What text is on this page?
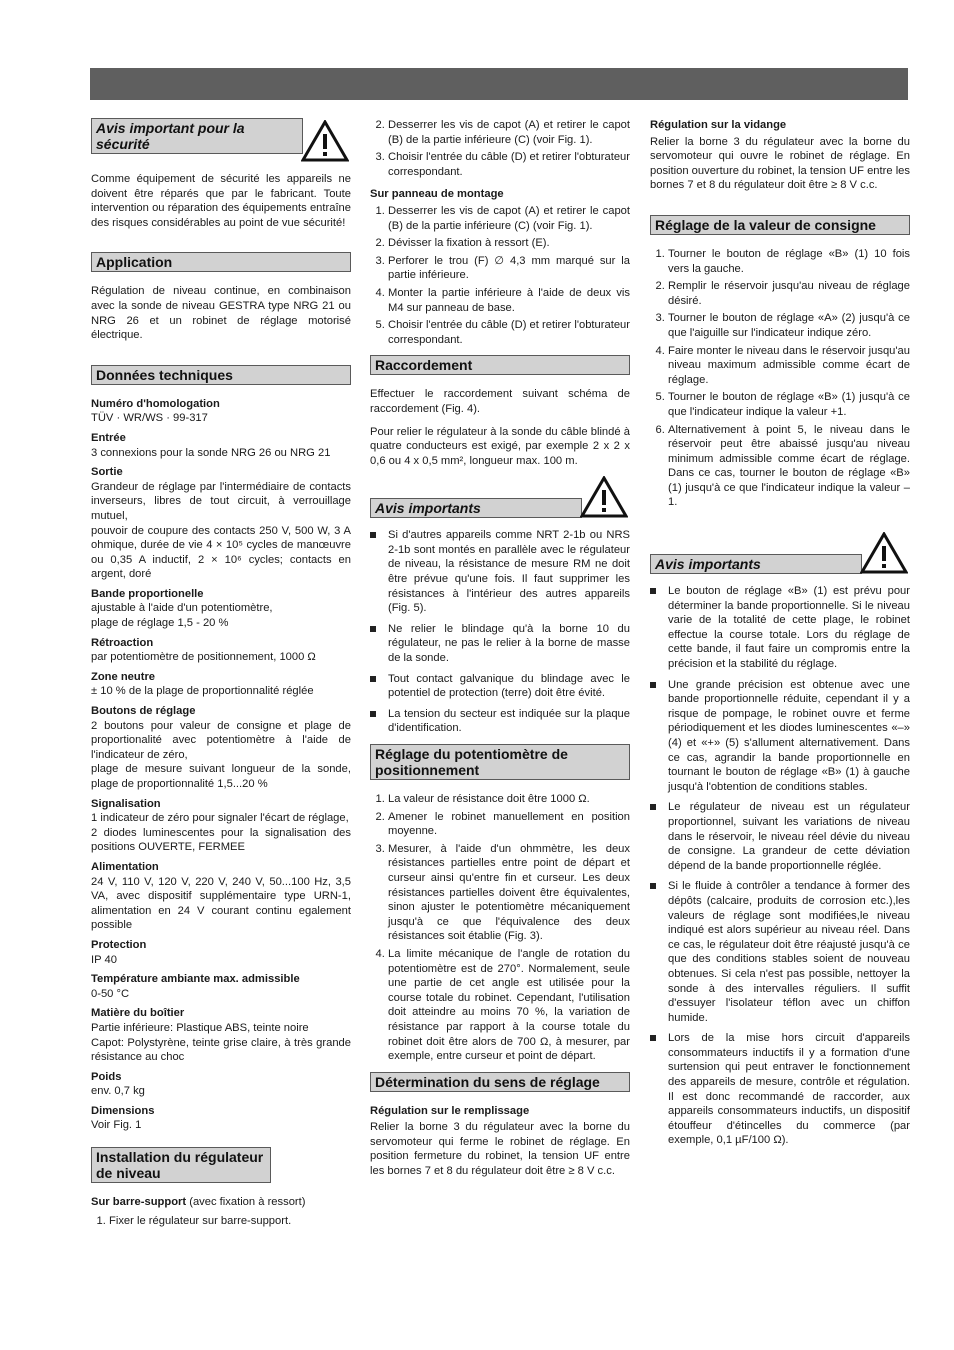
Avis important pour la sécurité

Comme équipement de sécurité les appareils ne doivent être réparés que par le fabricant. Toute intervention ou réparation des équipements entraîne des risques considérables au point de vue sécurité!

Application

Régulation de niveau continue, en combinaison avec la sonde de niveau GESTRA type NRG 21 ou NRG 26 et un robinet de réglage motorisé électrique.

Données techniques
Numéro d'homologation
TÜV · WR/WS · 99-317
Entrée
3 connexions pour la sonde NRG 26 ou NRG 21
Sortie
Grandeur de réglage par l'intermédiaire de contacts inverseurs, libres de tout circuit, à verrouillage mutuel,
pouvoir de coupure des contacts 250 V, 500 W, 3 A ohmique, durée de vie 4 × 10⁵ cycles de manœuvre ou 0,35 A inductif, 2 × 10⁶ cycles; contacts en argent, doré
Bande proportionelle
ajustable à l'aide d'un potentiomètre,
plage de réglage 1,5 - 20 %
Rétroaction
par potentiomètre de positionnement, 1000 Ω
Zone neutre
± 10 % de la plage de proportionnalité réglée
Boutons de réglage
2 boutons pour valeur de consigne et plage de proportionalité avec potentiomètre à l'aide de l'indicateur de zéro,
plage de mesure suivant longueur de la sonde, plage de proportionnalité 1,5...20 %
Signalisation
1 indicateur de zéro pour signaler l'écart de réglage,
2 diodes luminescentes pour la signalisation des positions OUVERTE, FERMEE
Alimentation
24 V, 110 V, 120 V, 220 V, 240 V, 50...100 Hz, 3,5 VA, avec dispositif supplémentaire type URN-1, alimentation en 24 V courant continu egalement possible
Protection
IP 40
Température ambiante max. admissible
0-50 °C
Matière du boîtier
Partie inférieure: Plastique ABS, teinte noire
Capot: Polystyrène, teinte grise claire, à très grande résistance au choc
Poids
env. 0,7 kg
Dimensions
Voir Fig. 1
Installation du régulateur de niveau
Sur barre-support (avec fixation à ressort)
1. Fixer le régulateur sur barre-support.
2. Desserrer les vis de capot (A) et retirer le capot (B) de la partie inférieure (C) (voir Fig. 1).
3. Choisir l'entrée du câble (D) et retirer l'obturateur correspondant.
Sur panneau de montage
1. Desserrer les vis de capot (A) et retirer le capot (B) de la partie inférieure (C) (voir Fig. 1).
2. Dévisser la fixation à ressort (E).
3. Perforer le trou (F) ∅ 4,3 mm marqué sur la partie inférieure.
4. Monter la partie inférieure à l'aide de deux vis M4 sur panneau de base.
5. Choisir l'entrée du câble (D) et retirer l'obturateur correspondant.
Raccordement

Effectuer le raccordement suivant schéma de raccordement (Fig. 4).

Pour relier le régulateur à la sonde du câble blindé à quatre conducteurs est exigé, par exemple 2 x 2 x 0,6 ou 4 x 0,5 mm², longueur max. 100 m.

Avis importants
Si d'autres appareils comme NRT 2-1b ou NRS 2-1b sont montés en parallèle avec le régulateur de niveau, la résistance de mesure RM ne doit être prévue qu'une fois. Il faut supprimer les résistances à l'intérieur des autres appareils (Fig. 5).
Ne relier le blindage qu'à la borne 10 du régulateur, ne pas le relier à la borne de masse de la sonde.
Tout contact galvanique du blindage avec le potentiel de protection (terre) doit être évité.
La tension du secteur est indiquée sur la plaque d'identification.
Réglage du potentiomètre de positionnement
1. La valeur de résistance doit être 1000 Ω.
2. Amener le robinet manuellement en position moyenne.
3. Mesurer, à l'aide d'un ohmmètre, les deux résistances partielles entre point de départ et curseur ainsi qu'entre fin et curseur. Les deux résistances partielles doivent être équivalentes, sinon ajuster le potentiomètre mécaniquement jusqu'à ce que l'équivalence des deux résistances soit établie (Fig. 3).
4. La limite mécanique de l'angle de rotation du potentiomètre est de 270°. Normalement, seule une partie de cet angle est utilisée pour la course totale du robinet. Cependant, l'utilisation doit atteindre au moins 70 %, la variation de résistance par rapport à la course totale du robinet doit être alors de 700 Ω, à mesurer, par exemple, entre curseur et point de départ.
Détermination du sens de réglage
Régulation sur le remplissage

Relier la borne 3 du régulateur avec la borne du servomoteur qui ferme le robinet de réglage. En position fermeture du robinet, la tension UF entre les bornes 7 et 8 du régulateur doit être ≥ 8 V c.c.

Régulation sur la vidange

Relier la borne 3 du régulateur avec la borne du servomoteur qui ouvre le robinet de réglage. En position ouverture du robinet, la tension UF entre les bornes 7 et 8 du régulateur doit être ≥ 8 V c.c.

Réglage de la valeur de consigne
1. Tourner le bouton de réglage «B» (1) 10 fois vers la gauche.
2. Remplir le réservoir jusqu'au niveau de réglage désiré.
3. Tourner le bouton de réglage «A» (2) jusqu'à ce que l'aiguille sur l'indicateur indique zéro.
4. Faire monter le niveau dans le réservoir jusqu'au niveau maximum admissible comme écart de réglage.
5. Tourner le bouton de réglage «B» (1) jusqu'à ce que l'indicateur indique la valeur +1.
6. Alternativement à point 5, le niveau dans le réservoir peut être abaissé jusqu'au niveau minimum admissible comme écart de réglage. Dans ce cas, tourner le bouton de réglage «B» (1) jusqu'à ce que l'indicateur indique la valeur –1.
Avis importants
Le bouton de réglage «B» (1) est prévu pour déterminer la bande proportionnelle. Si le niveau varie de la totalité de cette plage, le robinet effectue la course totale. Lors du réglage de cette bande, il faut faire un compromis entre la précision et la stabilité du réglage.
Une grande précision est obtenue avec une bande proportionnelle réduite, cependant il y a risque de pompage, le robinet ouvre et ferme périodiquement et les diodes luminescentes «–» (4) et «+» (5) s'allument alternativement. Dans ce cas, agrandir la bande proportionnelle en tournant le bouton de réglage «B» (1) à gauche jusqu'à l'obtention de conditions stables.
Le régulateur de niveau est un régulateur proportionnel, suivant les variations de niveau dans le réservoir, le niveau réel dévie du niveau de consigne. La grandeur de cette déviation dépend de la bande proportionnelle réglée.
Si le fluide à contrôler a tendance à former des dépôts (calcaire, produits de corrosion etc.),les valeurs de réglage sont modifiées,le niveau indiqué est alors supérieur au niveau réel. Dans ce cas, le régulateur doit être réajusté jusqu'à ce que des conditions stables soient de nouveau obtenues. Si cela n'est pas possible, nettoyer la sonde à des intervalles réguliers. Il suffit d'essuyer l'isolateur téflon avec un chiffon humide.
Lors de la mise hors circuit d'appareils consommateurs inductifs il y a formation d'une surtension qui peut entraver le fonctionnement des appareils de mesure, contrôle et régulation. Il est donc recommandé de raccorder, aux appareils consommateurs inductifs, un dispositif étouffeur d'étincelles du commerce (par exemple, 0,1 µF/100 Ω).
